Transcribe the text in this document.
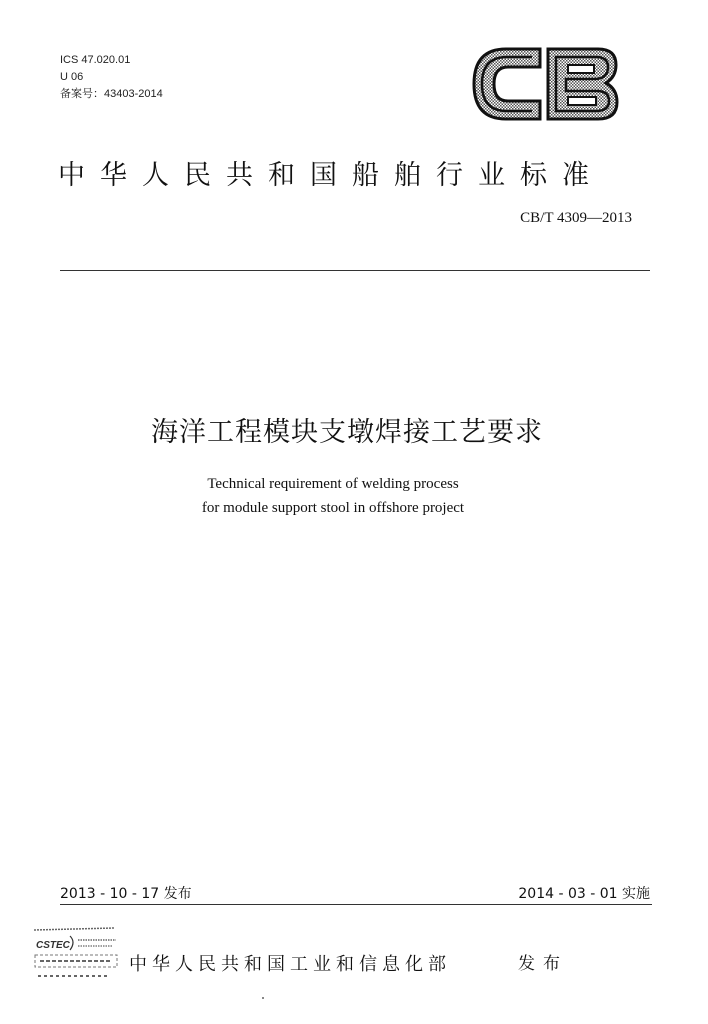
ICS 47.020.01
U 06
备案号：43403-2014
中华人民共和国船舶行业标准
CB/T 4309—2013
海洋工程模块支墩焊接工艺要求
Technical requirement of welding process
for module support stool in offshore project
2013 - 10 - 17 发布	2014 - 03 - 01 实施
CSTEC
中华人民共和国工业和信息化部	发布
